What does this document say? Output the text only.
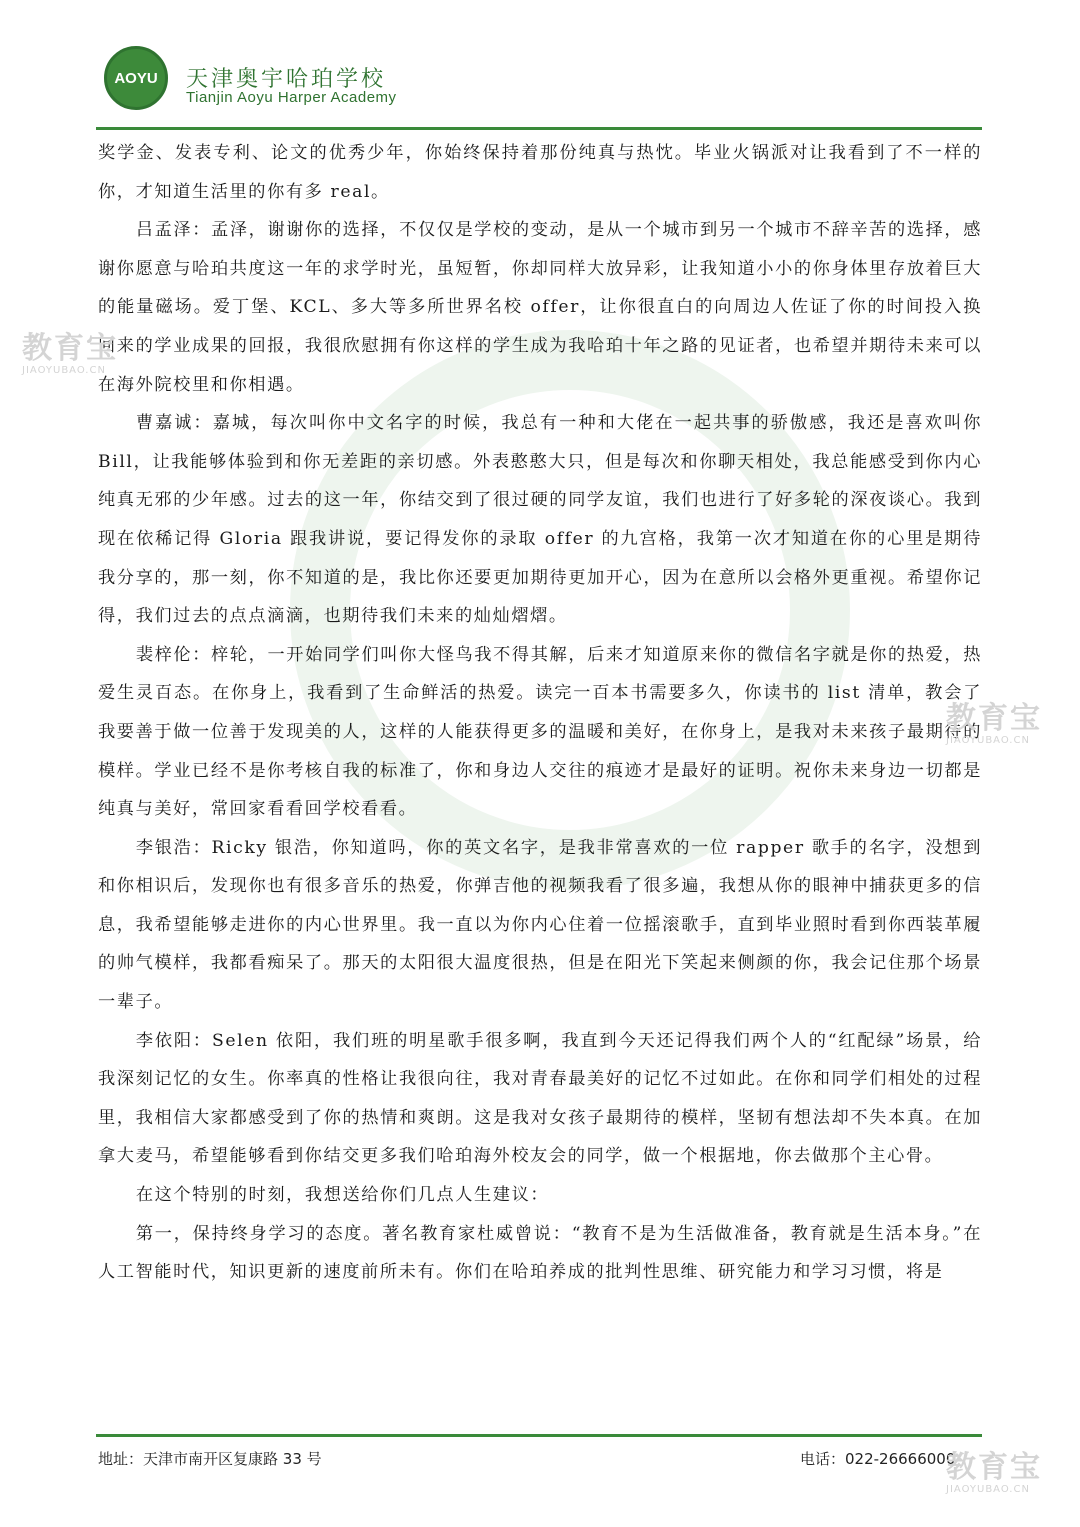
AOYU 天津奥宇哈珀学校
Tianjin Aoyu Harper Academy

奖学金、发表专利、论文的优秀少年，你始终保持着那份纯真与热忱。毕业火锅派对让我看到了不一样的你，才知道生活里的你有多 real。

吕孟泽：孟泽，谢谢你的选择，不仅仅是学校的变动，是从一个城市到另一个城市不辞辛苦的选择，感谢你愿意与哈珀共度这一年的求学时光，虽短暂，你却同样大放异彩，让我知道小小的你身体里存放着巨大的能量磁场。爱丁堡、KCL、多大等多所世界名校 offer，让你很直白的向周边人佐证了你的时间投入换回来的学业成果的回报，我很欣慰拥有你这样的学生成为我哈珀十年之路的见证者，也希望并期待未来可以在海外院校里和你相遇。

曹嘉诚：嘉城，每次叫你中文名字的时候，我总有一种和大佬在一起共事的骄傲感，我还是喜欢叫你 Bill，让我能够体验到和你无差距的亲切感。外表憨憨大只，但是每次和你聊天相处，我总能感受到你内心纯真无邪的少年感。过去的这一年，你结交到了很过硬的同学友谊，我们也进行了好多轮的深夜谈心。我到现在依稀记得 Gloria 跟我讲说，要记得发你的录取 offer 的九宫格，我第一次才知道在你的心里是期待我分享的，那一刻，你不知道的是，我比你还要更加期待更加开心，因为在意所以会格外更重视。希望你记得，我们过去的点点滴滴，也期待我们未来的灿灿熠熠。

裴梓伦：梓轮，一开始同学们叫你大怪鸟我不得其解，后来才知道原来你的微信名字就是你的热爱，热爱生灵百态。在你身上，我看到了生命鲜活的热爱。读完一百本书需要多久，你读书的 list 清单，教会了我要善于做一位善于发现美的人，这样的人能获得更多的温暖和美好，在你身上，是我对未来孩子最期待的模样。学业已经不是你考核自我的标准了，你和身边人交往的痕迹才是最好的证明。祝你未来身边一切都是纯真与美好，常回家看看回学校看看。

李银浩：Ricky 银浩，你知道吗，你的英文名字，是我非常喜欢的一位 rapper 歌手的名字，没想到和你相识后，发现你也有很多音乐的热爱，你弹吉他的视频我看了很多遍，我想从你的眼神中捕获更多的信息，我希望能够走进你的内心世界里。我一直以为你内心住着一位摇滚歌手，直到毕业照时看到你西装革履的帅气模样，我都看痴呆了。那天的太阳很大温度很热，但是在阳光下笑起来侧颜的你，我会记住那个场景一辈子。

李依阳：Selen 依阳，我们班的明星歌手很多啊，我直到今天还记得我们两个人的“红配绿”场景，给我深刻记忆的女生。你率真的性格让我很向往，我对青春最美好的记忆不过如此。在你和同学们相处的过程里，我相信大家都感受到了你的热情和爽朗。这是我对女孩子最期待的模样，坚韧有想法却不失本真。在加拿大麦马，希望能够看到你结交更多我们哈珀海外校友会的同学，做一个根据地，你去做那个主心骨。

在这个特别的时刻，我想送给你们几点人生建议：

第一，保持终身学习的态度。著名教育家杜威曾说：“教育不是为生活做准备，教育就是生活本身。”在人工智能时代，知识更新的速度前所未有。你们在哈珀养成的批判性思维、研究能力和学习习惯，将是

地址：天津市南开区复康路 33 号	电话：022-26666000
教育宝
JIAOYUBAO.CN
教育宝
JIAOYUBAO.CN
教育宝
JIAOYUBAO.CN
